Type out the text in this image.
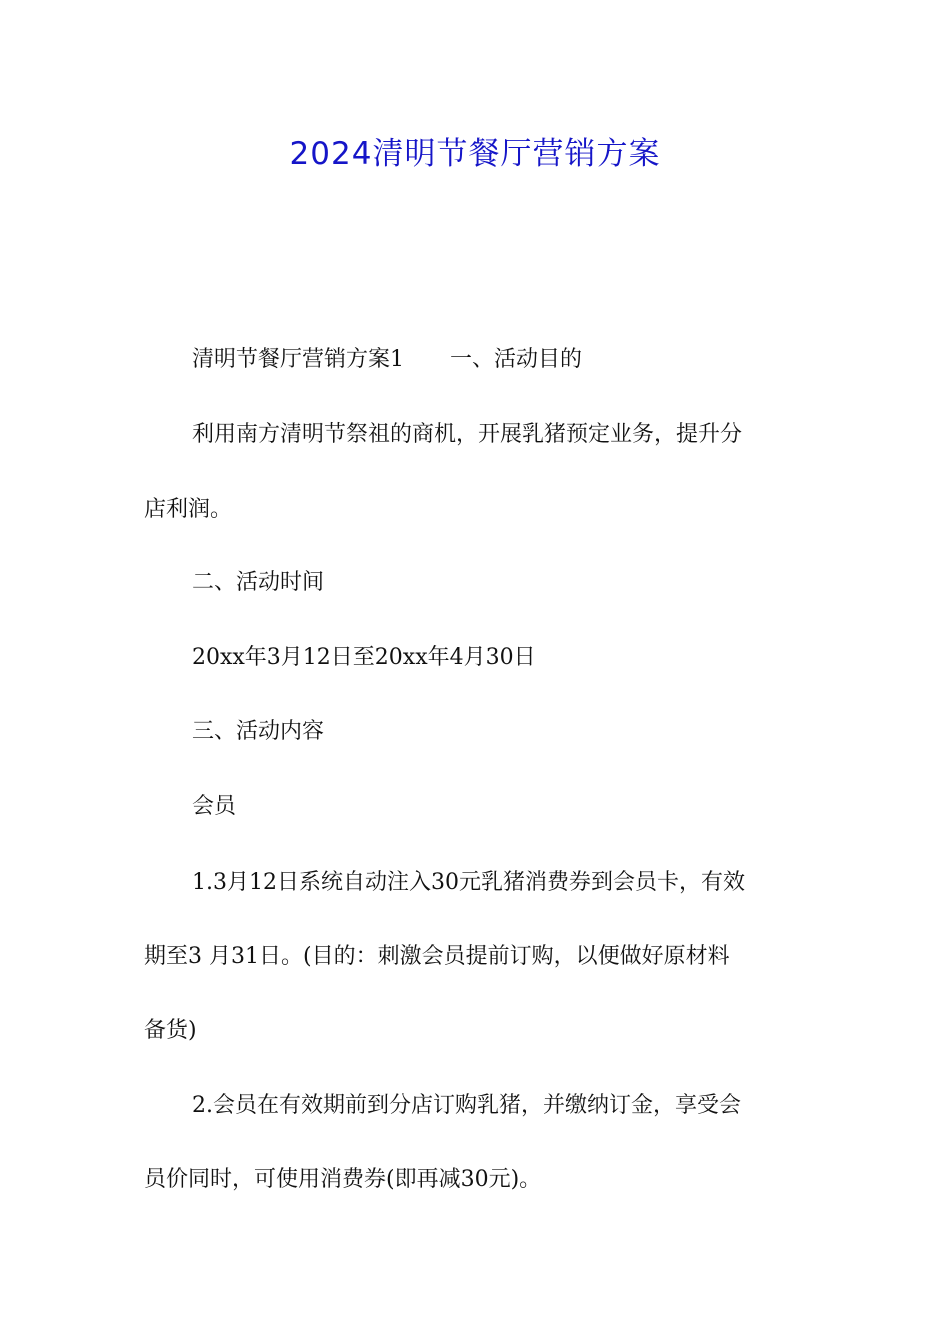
2024清明节餐厅营销方案
清明节餐厅营销方案1 一、活动目的
利用南方清明节祭祖的商机，开展乳猪预定业务，提升分
店利润。
二、活动时间
20xx年3月12日至20xx年4月30日
三、活动内容
会员
1.3月12日系统自动注入30元乳猪消费券到会员卡，有效
期至3 月31日。(目的：刺激会员提前订购，以便做好原材料
备货)
2.会员在有效期前到分店订购乳猪，并缴纳订金，享受会
员价同时，可使用消费券(即再减30元)。
